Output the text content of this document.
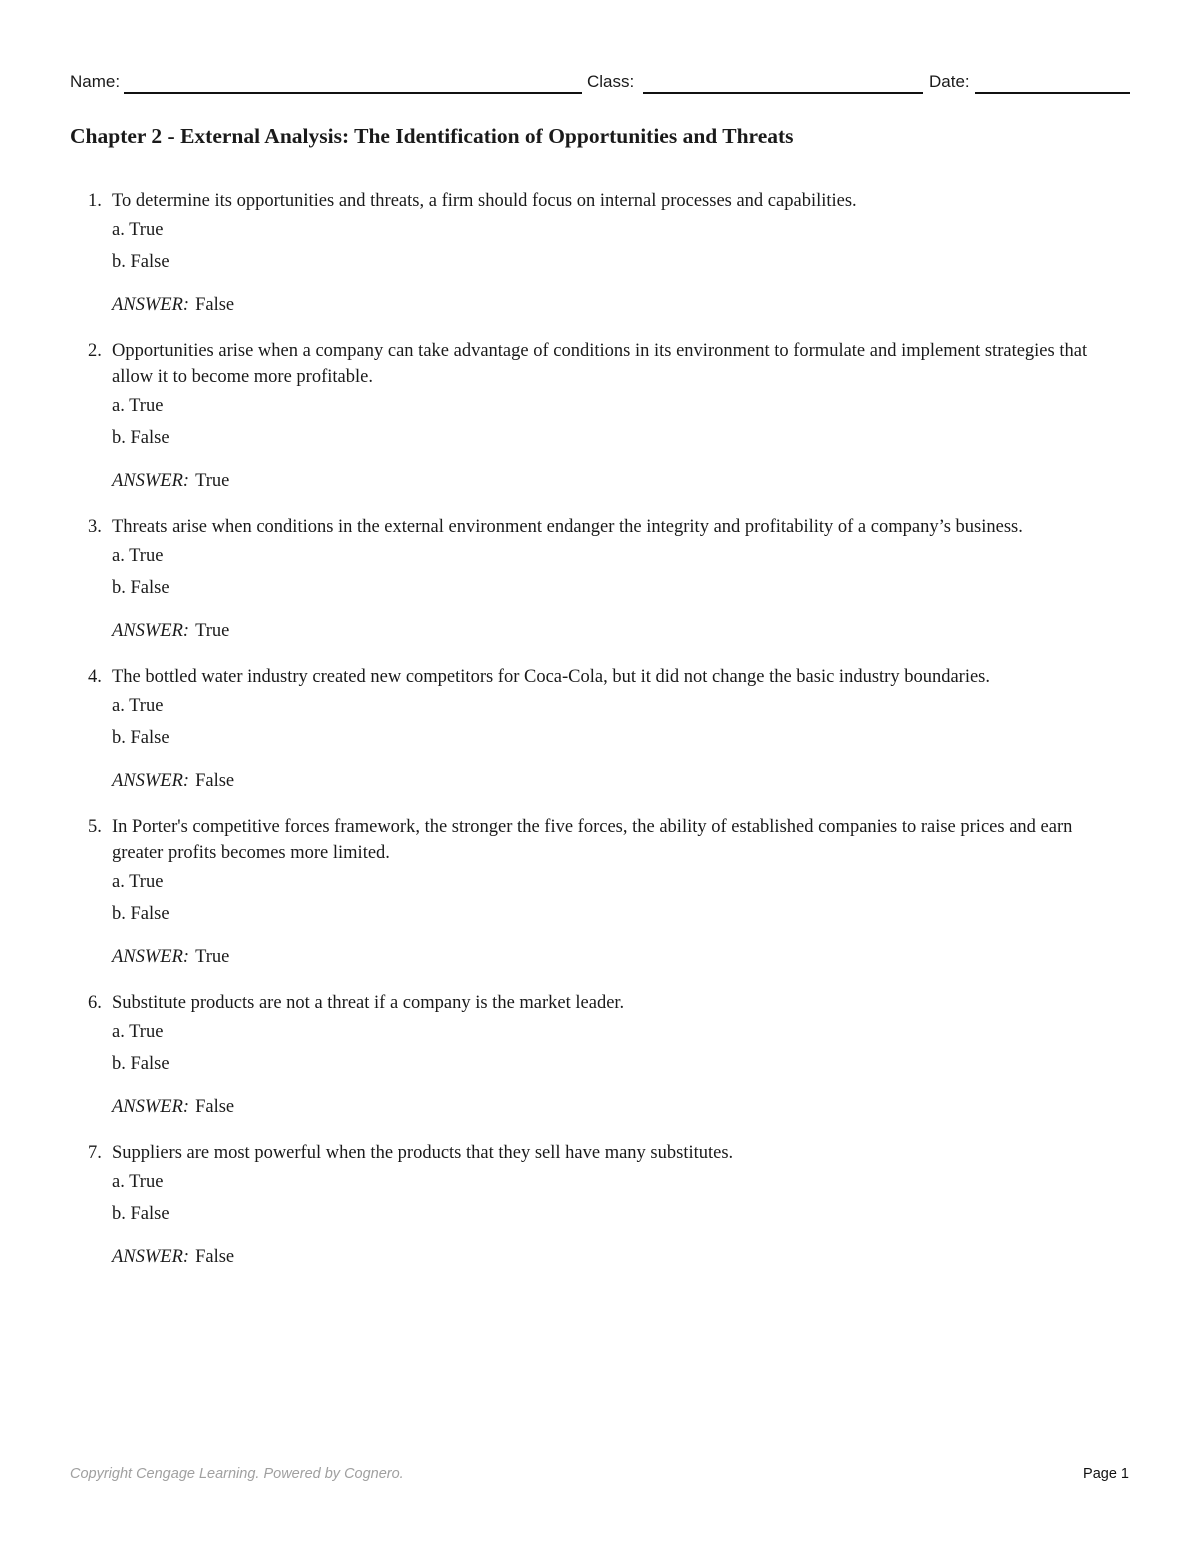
Name:	Class:	Date:
Chapter 2 - External Analysis: The Identification of Opportunities and Threats
1. To determine its opportunities and threats, a firm should focus on internal processes and capabilities.
a. True
b. False
ANSWER: False
2. Opportunities arise when a company can take advantage of conditions in its environment to formulate and implement strategies that allow it to become more profitable.
a. True
b. False
ANSWER: True
3. Threats arise when conditions in the external environment endanger the integrity and profitability of a company’s business.
a. True
b. False
ANSWER: True
4. The bottled water industry created new competitors for Coca-Cola, but it did not change the basic industry boundaries.
a. True
b. False
ANSWER: False
5. In Porter's competitive forces framework, the stronger the five forces, the ability of established companies to raise prices and earn greater profits becomes more limited.
a. True
b. False
ANSWER: True
6. Substitute products are not a threat if a company is the market leader.
a. True
b. False
ANSWER: False
7. Suppliers are most powerful when the products that they sell have many substitutes.
a. True
b. False
ANSWER: False
Copyright Cengage Learning. Powered by Cognero.	Page 1
